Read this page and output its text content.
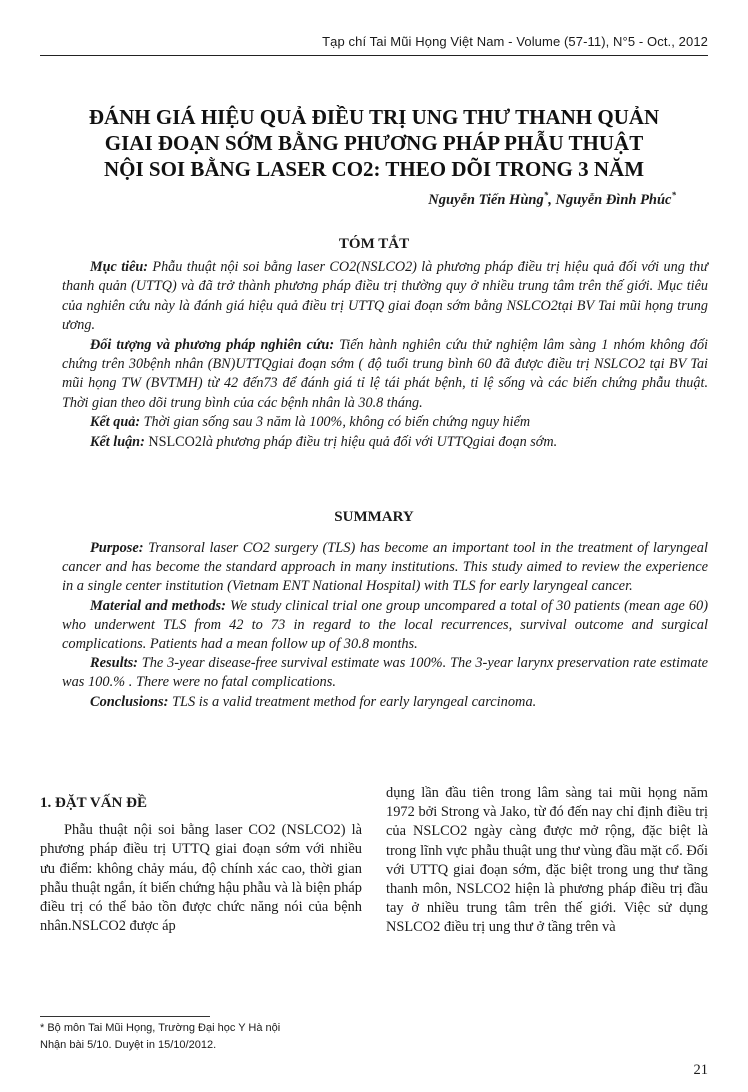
Tạp chí Tai Mũi Họng Việt Nam - Volume (57-11), N°5 - Oct., 2012
ĐÁNH GIÁ HIỆU QUẢ ĐIỀU TRỊ UNG THƯ THANH QUẢN
GIAI ĐOẠN SỚM BẰNG PHƯƠNG PHÁP PHẪU THUẬT
NỘI SOI BẰNG LASER CO2: THEO DÕI TRONG 3 NĂM
Nguyễn Tiến Hùng*, Nguyễn Đình Phúc*
TÓM TẮT

Mục tiêu: Phẫu thuật nội soi bằng laser CO2(NSLCO2) là phương pháp điều trị hiệu quả đối với ung thư thanh quản (UTTQ) và đã trở thành phương pháp điều trị thường quy ở nhiều trung tâm trên thế giới. Mục tiêu của nghiên cứu này là đánh giá hiệu quả điều trị UTTQ giai đoạn sớm bằng NSLCO2tại BV Tai mũi họng trung ương.

Đối tượng và phương pháp nghiên cứu: Tiến hành nghiên cứu thử nghiệm lâm sàng 1 nhóm không đối chứng trên 30bệnh nhân (BN)UTTQgiai đoạn sớm ( độ tuổi trung bình 60 đã được điều trị NSLCO2 tại BV Tai mũi họng TW (BVTMH) từ 42 đến73 để đánh giá tỉ lệ tái phát bệnh, tỉ lệ sống và các biến chứng phẫu thuật. Thời gian theo dõi trung bình của các bệnh nhân là 30.8 tháng.

Kết quả: Thời gian sống sau 3 năm là 100%, không có biến chứng nguy hiểm

Kết luận: NSLCO2là phương pháp điều trị hiệu quả đối với UTTQgiai đoạn sớm.

SUMMARY

Purpose: Transoral laser CO2 surgery (TLS) has become an important tool in the treatment of laryngeal cancer and has become the standard approach in many institutions. This study aimed to review the experience in a single center institution (Vietnam ENT National Hospital) with TLS for early laryngeal cancer.

Material and methods: We study clinical trial one group uncompared a total of 30 patients (mean age 60) who underwent TLS from 42 to 73 in regard to the local recurrences, survival outcome and surgical complications. Patients had a mean follow up of 30.8 months.

Results: The 3-year disease-free survival estimate was 100%. The 3-year larynx preservation rate estimate was 100.% . There were no fatal complications.

Conclusions: TLS is a valid treatment method for early laryngeal carcinoma.

1. ĐẶT VẤN ĐỀ

Phẫu thuật nội soi bằng laser CO2 (NSLCO2) là phương pháp điều trị UTTQ giai đoạn sớm với nhiều ưu điểm: không chảy máu, độ chính xác cao, thời gian phẫu thuật ngắn, ít biến chứng hậu phẫu và là biện pháp điều trị có thể bảo tồn được chức năng nói của bệnh nhân.NSLCO2 được áp

dụng lần đầu tiên trong lâm sàng tai mũi họng năm 1972 bởi Strong và Jako, từ đó đến nay chỉ định điều trị của NSLCO2 ngày càng được mở rộng, đặc biệt là trong lĩnh vực phẫu thuật ung thư vùng đầu mặt cổ. Đối với UTTQ giai đoạn sớm, đặc biệt trong ung thư tầng thanh môn, NSLCO2 hiện là phương pháp điều trị đầu tay ở nhiều trung tâm trên thế giới. Việc sử dụng NSLCO2 điều trị ung thư ở tầng trên và

* Bộ môn Tai Mũi Họng, Trường Đại học Y Hà nội
Nhận bài 5/10. Duyệt in 15/10/2012.
21
